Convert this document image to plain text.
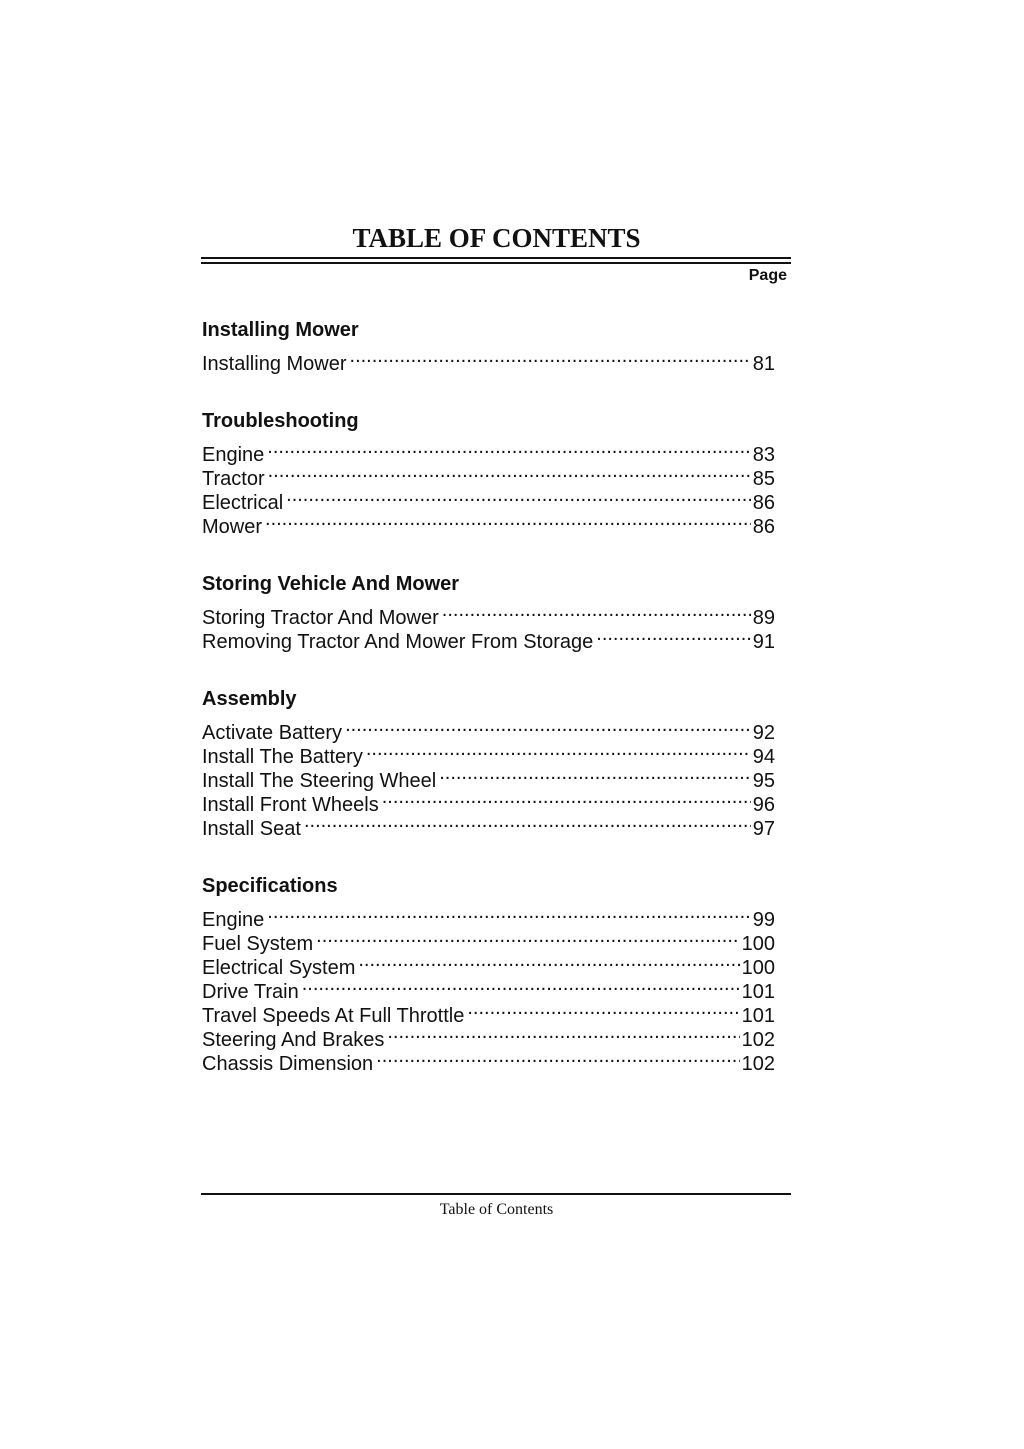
TABLE OF CONTENTS
Page
Installing Mower
Installing Mower .....	81
Troubleshooting
Engine .....	83
Tractor .....	85
Electrical .....	86
Mower .....	86
Storing Vehicle And Mower
Storing Tractor And Mower .....	89
Removing Tractor And Mower From Storage .....	91
Assembly
Activate Battery .....	92
Install The Battery .....	94
Install The Steering Wheel .....	95
Install Front Wheels .....	96
Install Seat .....	97
Specifications
Engine .....	99
Fuel System .....	100
Electrical System .....	100
Drive Train .....	101
Travel Speeds At Full Throttle .....	101
Steering And Brakes .....	102
Chassis Dimension .....	102
Table of Contents
